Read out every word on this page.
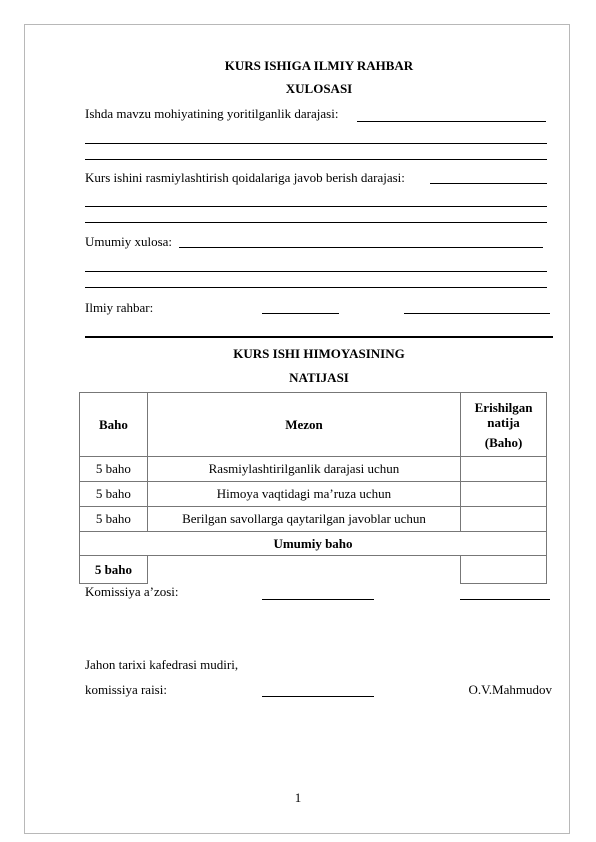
KURS ISHIGA ILMIY RAHBAR
XULOSASI
Ishda mavzu mohiyatining yoritilganlik darajasi:
Kurs ishini rasmiylashtirish qoidalariga javob berish darajasi:
Umumiy xulosa:
Ilmiy rahbar:
KURS ISHI HIMOYASINING
NATIJASI
Baho	Mezon	Erishilgan
natija
(Baho)

5 baho	Rasmiylashtirilganlik darajasi uchun	
5 baho	Himoya vaqtidagi ma’ruza uchun	
5 baho	Berilgan savollarga qaytarilgan javoblar uchun	
Umumiy baho		
5 baho		
Komissiya a’zosi:
Jahon tarixi kafedrasi mudiri,
komissiya raisi:	O.V.Mahmudov
1
